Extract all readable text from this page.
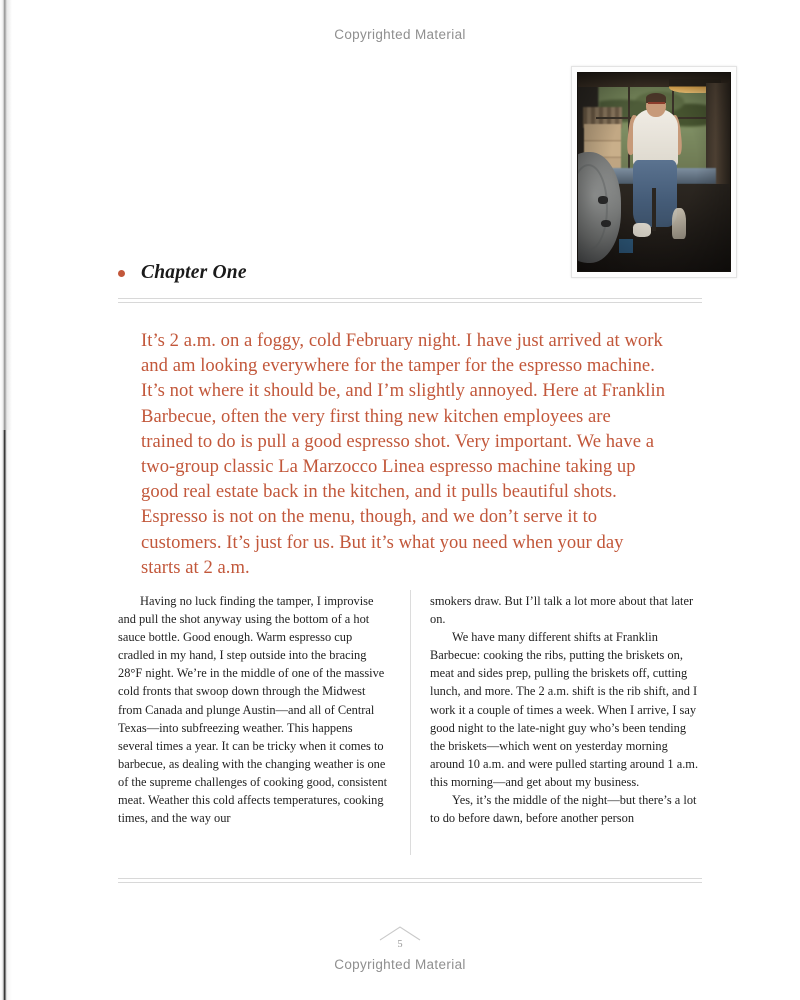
Copyrighted Material
Chapter One
It’s 2 a.m. on a foggy, cold February night. I have just arrived at work and am looking everywhere for the tamper for the espresso machine. It’s not where it should be, and I’m slightly annoyed. Here at Franklin Barbecue, often the very first thing new kitchen employees are trained to do is pull a good espresso shot. Very important. We have a two-group classic La Marzocco Linea espresso machine taking up good real estate back in the kitchen, and it pulls beautiful shots. Espresso is not on the menu, though, and we don’t serve it to customers. It’s just for us. But it’s what you need when your day starts at 2 a.m.

Having no luck finding the tamper, I improvise and pull the shot anyway using the bottom of a hot sauce bottle. Good enough. Warm espresso cup cradled in my hand, I step outside into the bracing 28°F night. We’re in the middle of one of the massive cold fronts that swoop down through the Midwest from Canada and plunge Austin—and all of Central Texas—into subfreezing weather. This happens several times a year. It can be tricky when it comes to barbecue, as dealing with the changing weather is one of the supreme challenges of cooking good, consistent meat. Weather this cold affects temperatures, cooking times, and the way our

smokers draw. But I’ll talk a lot more about that later on.

We have many different shifts at Franklin Barbecue: cooking the ribs, putting the briskets on, meat and sides prep, pulling the briskets off, cutting lunch, and more. The 2 a.m. shift is the rib shift, and I work it a couple of times a week. When I arrive, I say good night to the late-night guy who’s been tending the briskets—which went on yesterday morning around 10 a.m. and were pulled starting around 1 a.m. this morning—and get about my business.

Yes, it’s the middle of the night—but there’s a lot to do before dawn, before another person

5
Copyrighted Material
